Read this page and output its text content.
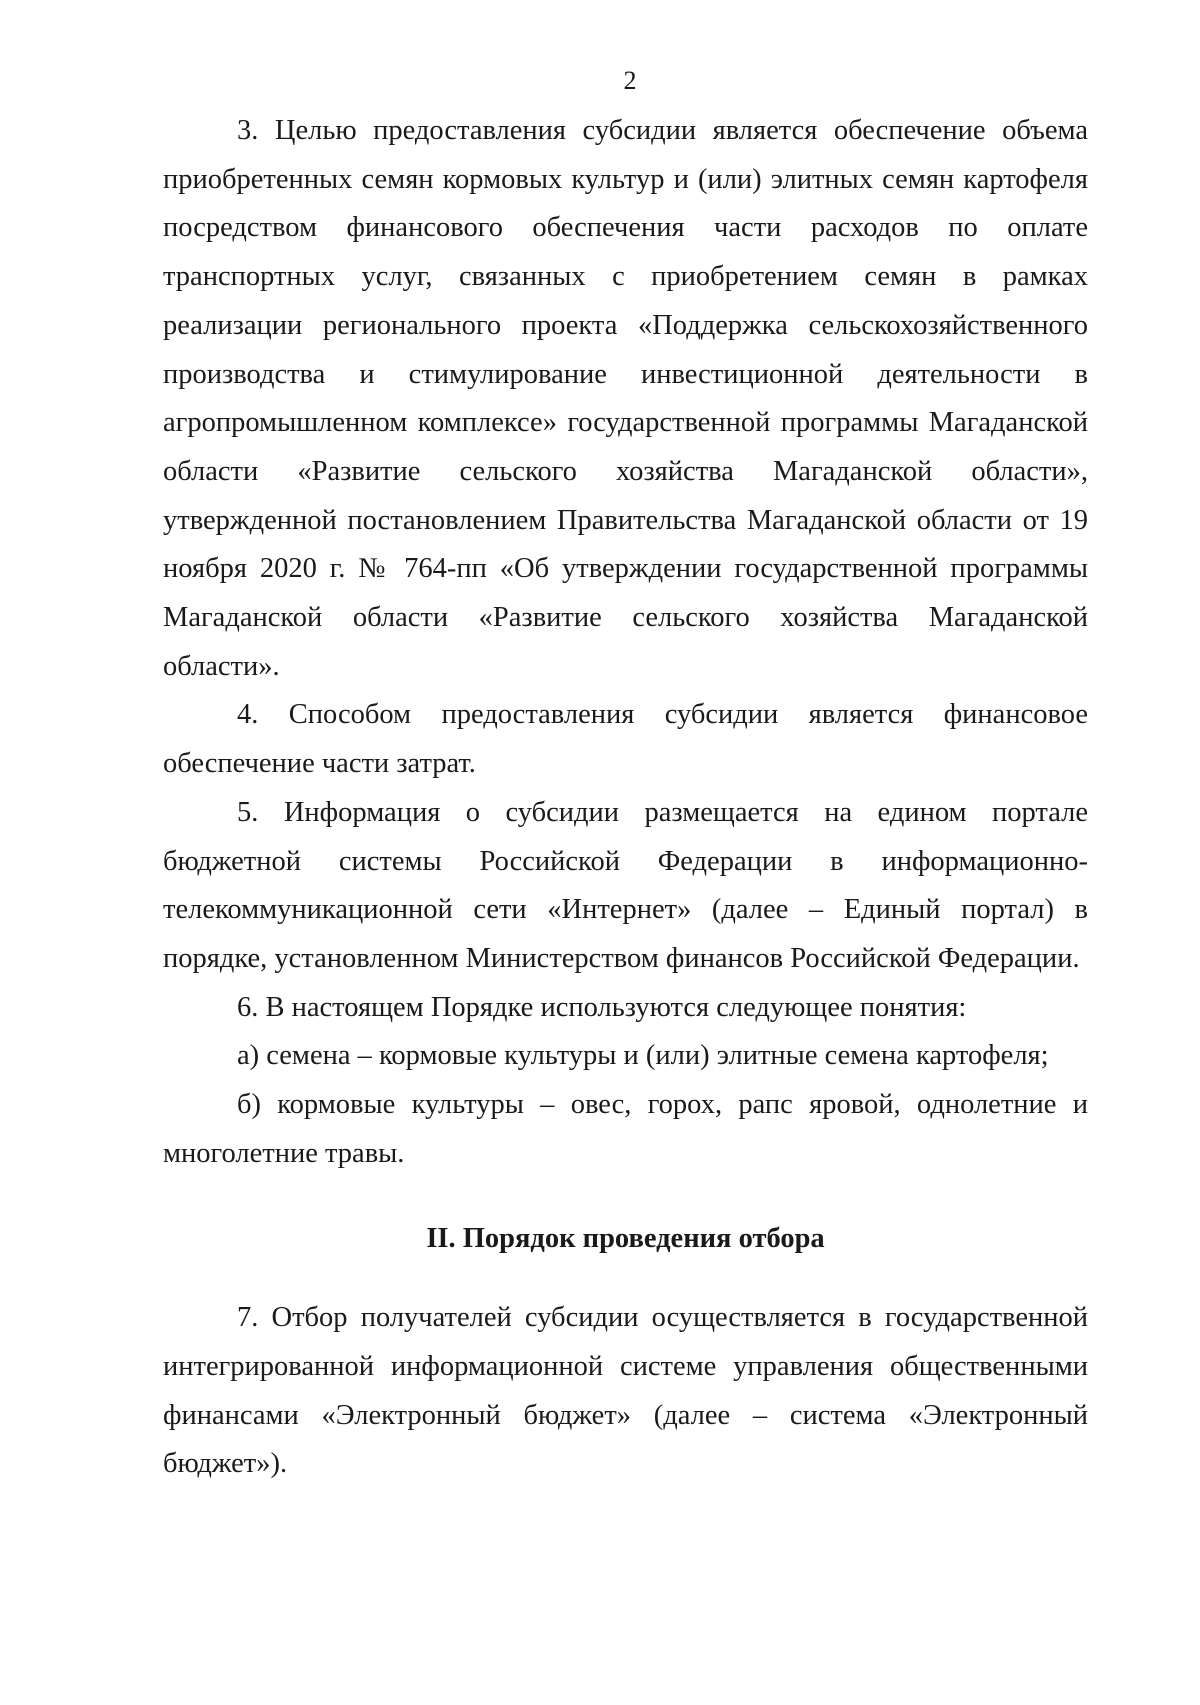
2

3. Целью предоставления субсидии является обеспечение объема приобретенных семян кормовых культур и (или) элитных семян картофеля посредством финансового обеспечения части расходов по оплате транспортных услуг, связанных с приобретением семян в рамках реализации регионального проекта «Поддержка сельскохозяйственного производства и стимулирование инвестиционной деятельности в агропромышленном комплексе» государственной программы Магаданской области «Развитие сельского хозяйства Магаданской области», утвержденной постановлением Правительства Магаданской области от 19 ноября 2020 г. № 764-пп «Об утверждении государственной программы Магаданской области «Развитие сельского хозяйства Магаданской области».

4. Способом предоставления субсидии является финансовое обеспечение части затрат.

5. Информация о субсидии размещается на едином портале бюджетной системы Российской Федерации в информационно-телекоммуникационной сети «Интернет» (далее – Единый портал) в порядке, установленном Министерством финансов Российской Федерации.

6. В настоящем Порядке используются следующее понятия:

а) семена – кормовые культуры и (или) элитные семена картофеля;

б) кормовые культуры – овес, горох, рапс яровой, однолетние и многолетние травы.

II. Порядок проведения отбора

7. Отбор получателей субсидии осуществляется в государственной интегрированной информационной системе управления общественными финансами «Электронный бюджет» (далее – система «Электронный бюджет»).
